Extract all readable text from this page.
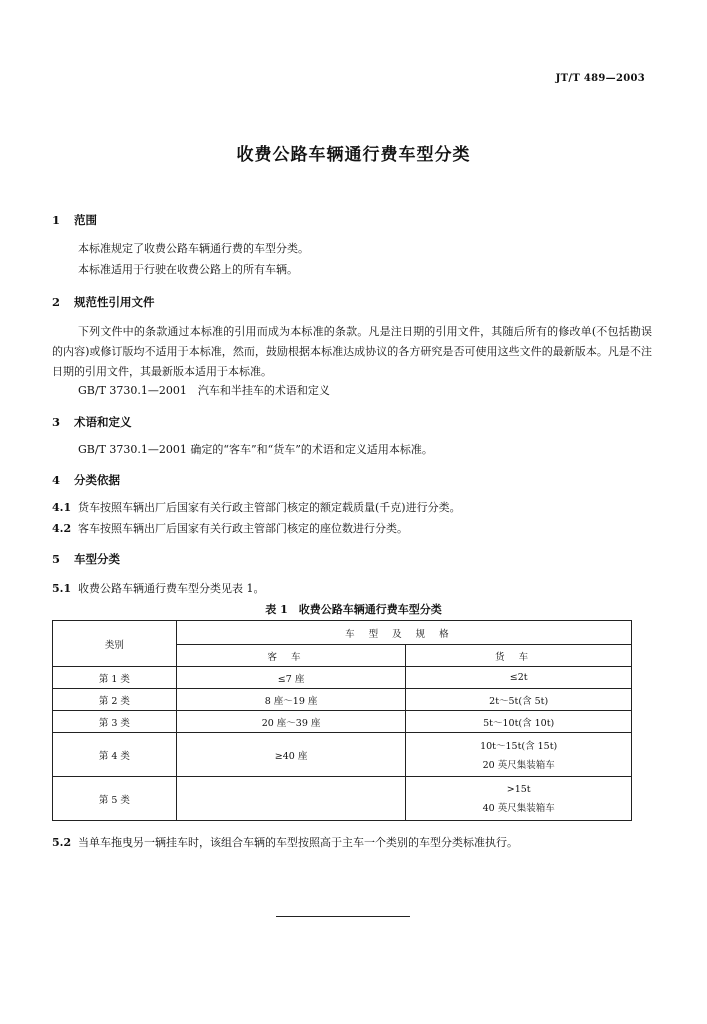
JT/T 489—2003
收费公路车辆通行费车型分类
1 范围
本标准规定了收费公路车辆通行费的车型分类。
本标准适用于行驶在收费公路上的所有车辆。
2 规范性引用文件
下列文件中的条款通过本标准的引用而成为本标准的条款。凡是注日期的引用文件，其随后所有的修改单(不包括勘误的内容)或修订版均不适用于本标准，然而，鼓励根据本标准达成协议的各方研究是否可使用这些文件的最新版本。凡是不注日期的引用文件，其最新版本适用于本标准。
GB/T 3730.1—2001　汽车和半挂车的术语和定义
3 术语和定义
GB/T 3730.1—2001 确定的“客车”和“货车”的术语和定义适用本标准。
4 分类依据
4.1 货车按照车辆出厂后国家有关行政主管部门核定的额定载质量(千克)进行分类。
4.2 客车按照车辆出厂后国家有关行政主管部门核定的座位数进行分类。
5 车型分类
5.1 收费公路车辆通行费车型分类见表 1。
表 1　收费公路车辆通行费车型分类
类别	车型及规格	
	客车	货车
第 1 类	≤7 座	≤2t
第 2 类	8 座～19 座	2t～5t(含 5t)
第 3 类	20 座～39 座	5t～10t(含 10t)
第 4 类	≥40 座	10t～15t(含 15t)
20 英尺集装箱车

第 5 类		>15t
40 英尺集装箱车
5.2 当单车拖曳另一辆挂车时，该组合车辆的车型按照高于主车一个类别的车型分类标准执行。
